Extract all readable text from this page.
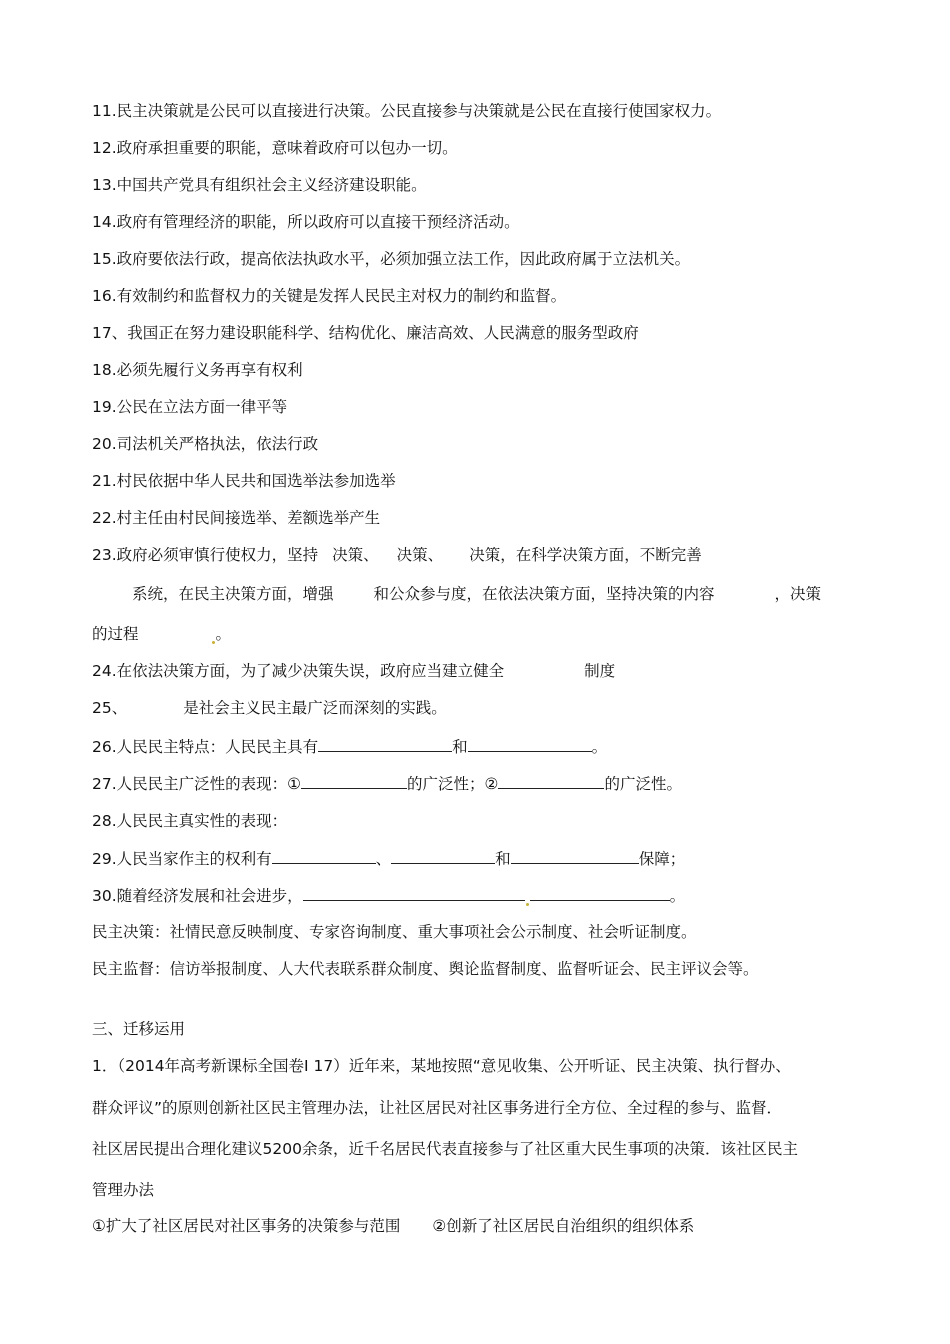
11.民主决策就是公民可以直接进行决策。公民直接参与决策就是公民在直接行使国家权力。
12.政府承担重要的职能，意味着政府可以包办一切。
13.中国共产党具有组织社会主义经济建设职能。
14.政府有管理经济的职能，所以政府可以直接干预经济活动。
15.政府要依法行政，提高依法执政水平，必须加强立法工作，因此政府属于立法机关。
16.有效制约和监督权力的关键是发挥人民民主对权力的制约和监督。
17、我国正在努力建设职能科学、结构优化、廉洁高效、人民满意的服务型政府
18.必须先履行义务再享有权利
19.公民在立法方面一律平等
20.司法机关严格执法，依法行政
21.村民依据中华人民共和国选举法参加选举
22.村主任由村民间接选举、差额选举产生
23.政府必须审慎行使权力，坚持 决策、 决策、 决策，在科学决策方面，不断完善
系统，在民主决策方面，增强	和公众参与度，在依法决策方面，坚持决策的内容	，决策
的过程	。
24.在依法决策方面，为了减少决策失误，政府应当建立健全	制度
25、	是社会主义民主最广泛而深刻的实践。
26.人民民主特点：人民民主具有	和	。
27.人民民主广泛性的表现：①	的广泛性；②	的广泛性。
28.人民民主真实性的表现：
29.人民当家作主的权利有	、	和	保障；
30.随着经济发展和社会进步，	。
民主决策：社情民意反映制度、专家咨询制度、重大事项社会公示制度、社会听证制度。
民主监督：信访举报制度、人大代表联系群众制度、舆论监督制度、监督听证会、民主评议会等。
三、迁移运用
1．（2014年高考新课标全国卷Ⅰ 17）近年来，某地按照“意见收集、公开听证、民主决策、执行督办、
群众评议”的原则创新社区民主管理办法，让社区居民对社区事务进行全方位、全过程的参与、监督．
社区居民提出合理化建议5200余条，近千名居民代表直接参与了社区重大民生事项的决策．该社区民主
管理办法
①扩大了社区居民对社区事务的决策参与范围 ②创新了社区居民自治组织的组织体系
